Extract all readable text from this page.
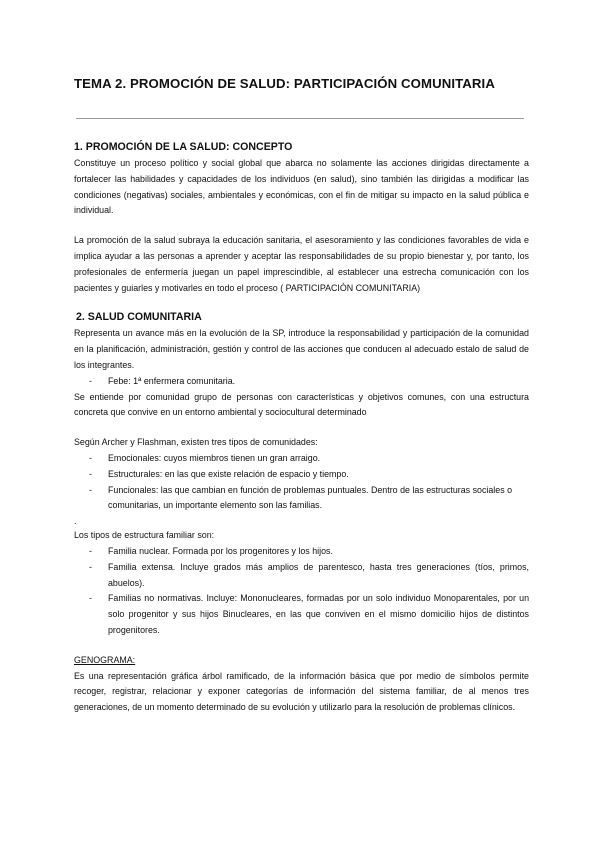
TEMA 2. PROMOCIÓN DE SALUD: PARTICIPACIÓN COMUNITARIA
1. PROMOCIÓN DE LA SALUD: CONCEPTO

Constituye un proceso político y social global que abarca no solamente las acciones dirigidas directamente a fortalecer las habilidades y capacidades de los individuos (en salud), sino también las dirigidas a modificar las condiciones (negativas) sociales, ambientales y económicas, con el fin de mitigar su impacto en la salud pública e individual.

La promoción de la salud subraya la educación sanitaria, el asesoramiento y las condiciones favorables de vida e implica ayudar a las personas a aprender y aceptar las responsabilidades de su propio bienestar y, por tanto, los profesionales de enfermería juegan un papel imprescindible, al establecer una estrecha comunicación con los pacientes y guiarles y motivarles en todo el proceso ( PARTICIPACIÓN COMUNITARIA)

2. SALUD COMUNITARIA

Representa un avance más en la evolución de la SP, introduce la responsabilidad y participación de la comunidad en la planificación, administración, gestión y control de las acciones que conducen al adecuado estalo de salud de los integrantes.

- Febe: 1ª enfermera comunitaria.

Se entiende por comunidad grupo de personas con características y objetivos comunes, con una estructura concreta que convive en un entorno ambiental y sociocultural determinado

Según Archer y Flashman, existen tres tipos de comunidades:

- Emocionales: cuyos miembros tienen un gran arraigo.
- Estructurales: en las que existe relación de espacio y tiempo.
- Funcionales: las que cambian en función de problemas puntuales. Dentro de las estructuras sociales o comunitarias, un importante elemento son las familias.

.

Los tipos de estructura familiar son:

- Familia nuclear. Formada por los progenitores y los hijos.
- Familia extensa. Incluye grados más amplios de parentesco, hasta tres generaciones (tíos, primos, abuelos).
- Familias no normativas. Incluye: Mononucleares, formadas por un solo individuo Monoparentales, por un solo progenitor y sus hijos Binucleares, en las que conviven en el mismo domicilio hijos de distintos progenitores.

GENOGRAMA:

Es una representación gráfica árbol ramificado, de la información básica que por medio de símbolos permite recoger, registrar, relacionar y exponer categorías de información del sistema familiar, de al menos tres generaciones, de un momento determinado de su evolución y utilizarlo para la resolución de problemas clínicos.
